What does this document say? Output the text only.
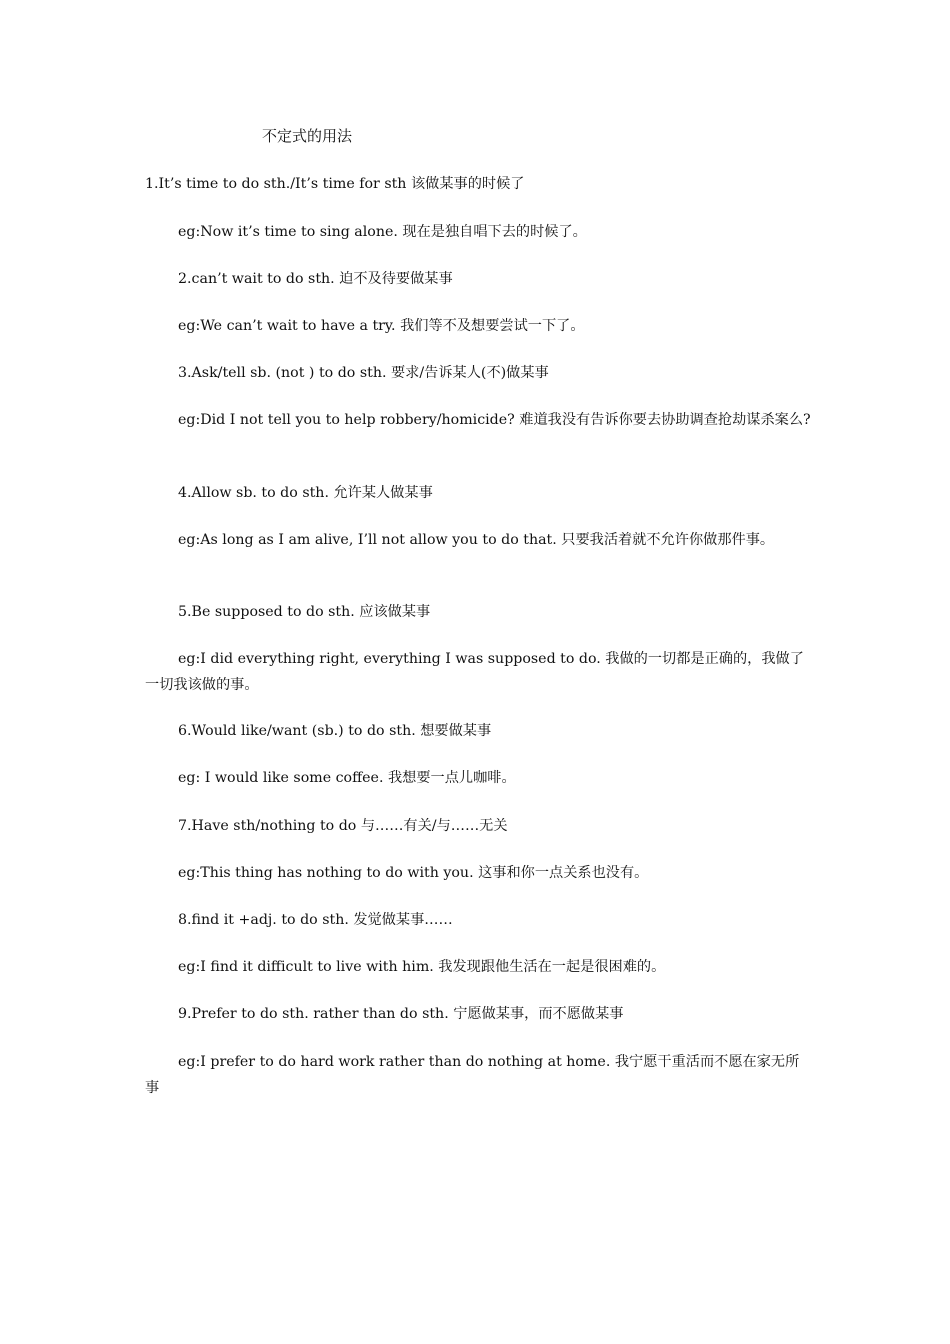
不定式的用法
1.It’s time to do sth./It’s time for sth 该做某事的时候了
eg:Now it’s time to sing alone. 现在是独自唱下去的时候了。
2.can’t wait to do sth. 迫不及待要做某事
eg:We can’t wait to have a try. 我们等不及想要尝试一下了。
3.Ask/tell sb. (not ) to do sth. 要求/告诉某人(不)做某事
eg:Did I not tell you to help robbery/homicide? 难道我没有告诉你要去协助调查抢劫谋杀案么?
4.Allow sb. to do sth. 允许某人做某事
eg:As long as I am alive, I’ll not allow you to do that. 只要我活着就不允许你做那件事。
5.Be supposed to do sth. 应该做某事
eg:I did everything right, everything I was supposed to do. 我做的一切都是正确的，我做了一切我该做的事。
6.Would like/want (sb.) to do sth. 想要做某事
eg: I would like some coffee. 我想要一点儿咖啡。
7.Have sth/nothing to do 与……有关/与……无关
eg:This thing has nothing to do with you. 这事和你一点关系也没有。
8.find it +adj. to do sth. 发觉做某事……
eg:I find it difficult to live with him. 我发现跟他生活在一起是很困难的。
9.Prefer to do sth. rather than do sth. 宁愿做某事，而不愿做某事
eg:I prefer to do hard work rather than do nothing at home. 我宁愿干重活而不愿在家无所事
